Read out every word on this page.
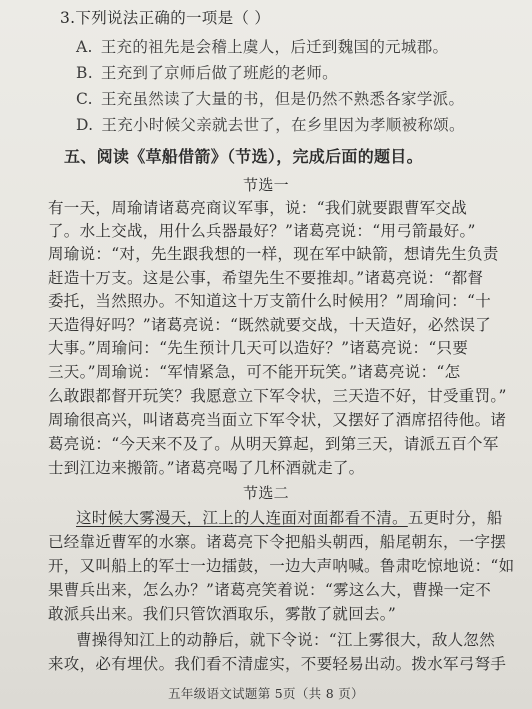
3.下列说法正确的一项是（ ）
A. 王充的祖先是会稽上虞人，后迁到魏国的元城郡。
B. 王充到了京师后做了班彪的老师。
C. 王充虽然读了大量的书，但是仍然不熟悉各家学派。
D. 王充小时候父亲就去世了，在乡里因为孝顺被称颂。
五、阅读《草船借箭》（节选），完成后面的题目。
节选一
有一天，周瑜请诸葛亮商议军事，说：“我们就要跟曹军交战
了。水上交战，用什么兵器最好？”诸葛亮说：“用弓箭最好。”
周瑜说：“对，先生跟我想的一样，现在军中缺箭，想请先生负责
赶造十万支。这是公事，希望先生不要推却。”诸葛亮说：“都督
委托，当然照办。不知道这十万支箭什么时候用？”周瑜问：“十
天造得好吗？”诸葛亮说：“既然就要交战，十天造好，必然误了
大事。”周瑜问：“先生预计几天可以造好？”诸葛亮说：“只要
三天。”周瑜说：“军情紧急，可不能开玩笑。”诸葛亮说：“怎
么敢跟都督开玩笑？我愿意立下军令状，三天造不好，甘受重罚。”
周瑜很高兴，叫诸葛亮当面立下军令状，又摆好了酒席招待他。诸
葛亮说：“今天来不及了。从明天算起，到第三天，请派五百个军
士到江边来搬箭。”诸葛亮喝了几杯酒就走了。
节选二
这时候大雾漫天，江上的人连面对面都看不清。五更时分，船
已经靠近曹军的水寨。诸葛亮下令把船头朝西，船尾朝东，一字摆
开，又叫船上的军士一边擂鼓，一边大声呐喊。鲁肃吃惊地说：“如
果曹兵出来，怎么办？”诸葛亮笑着说：“雾这么大，曹操一定不
敢派兵出来。我们只管饮酒取乐，雾散了就回去。”
曹操得知江上的动静后，就下令说：“江上雾很大，敌人忽然
来攻，必有埋伏。我们看不清虚实，不要轻易出动。拨水军弓弩手
五年级语文试题第 5页（共 8 页）
